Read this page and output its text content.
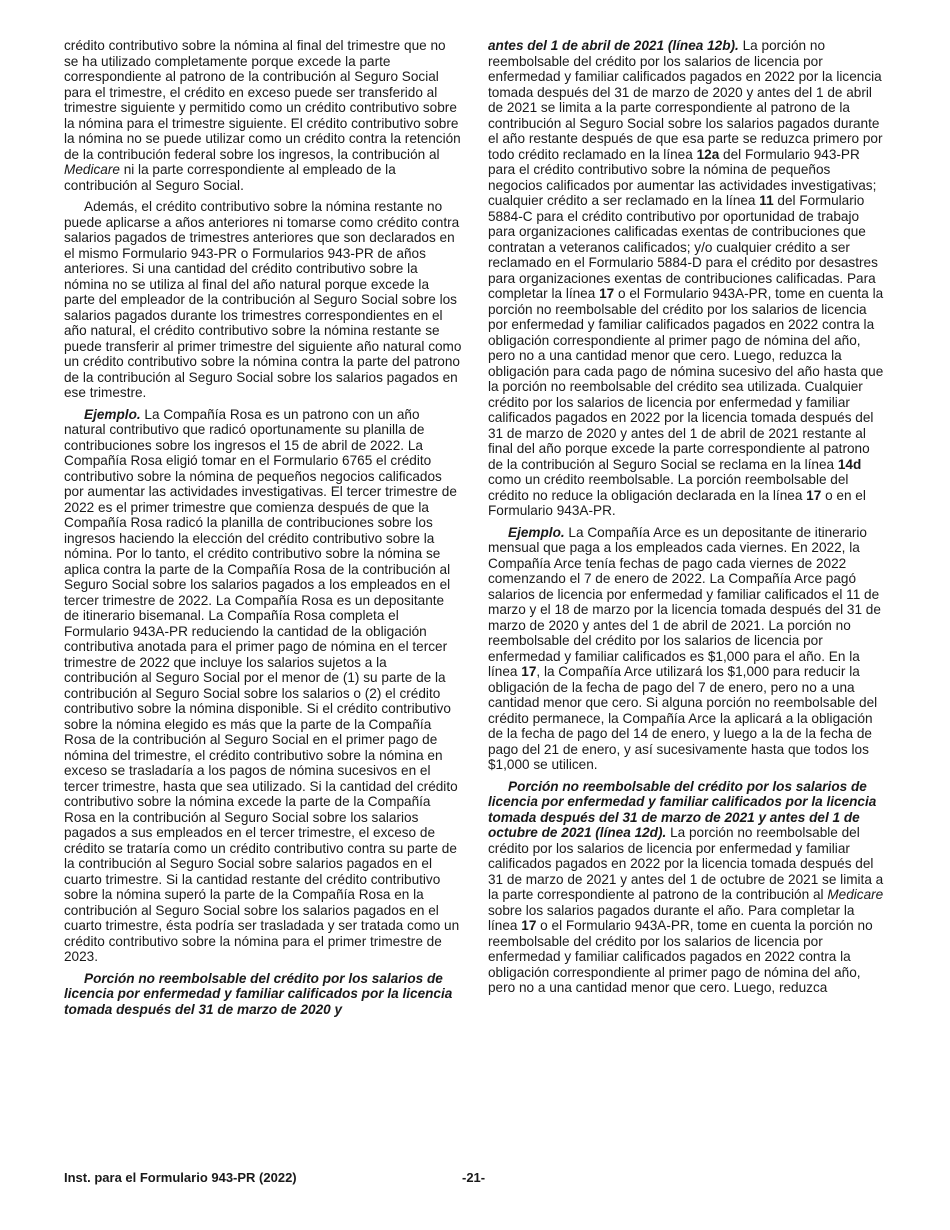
crédito contributivo sobre la nómina al final del trimestre que no se ha utilizado completamente porque excede la parte correspondiente al patrono de la contribución al Seguro Social para el trimestre, el crédito en exceso puede ser transferido al trimestre siguiente y permitido como un crédito contributivo sobre la nómina para el trimestre siguiente. El crédito contributivo sobre la nómina no se puede utilizar como un crédito contra la retención de la contribución federal sobre los ingresos, la contribución al Medicare ni la parte correspondiente al empleado de la contribución al Seguro Social.

Además, el crédito contributivo sobre la nómina restante no puede aplicarse a años anteriores ni tomarse como crédito contra salarios pagados de trimestres anteriores que son declarados en el mismo Formulario 943-PR o Formularios 943-PR de años anteriores. Si una cantidad del crédito contributivo sobre la nómina no se utiliza al final del año natural porque excede la parte del empleador de la contribución al Seguro Social sobre los salarios pagados durante los trimestres correspondientes en el año natural, el crédito contributivo sobre la nómina restante se puede transferir al primer trimestre del siguiente año natural como un crédito contributivo sobre la nómina contra la parte del patrono de la contribución al Seguro Social sobre los salarios pagados en ese trimestre.

Ejemplo. La Compañía Rosa es un patrono con un año natural contributivo que radicó oportunamente su planilla de contribuciones sobre los ingresos el 15 de abril de 2022. La Compañía Rosa eligió tomar en el Formulario 6765 el crédito contributivo sobre la nómina de pequeños negocios calificados por aumentar las actividades investigativas. El tercer trimestre de 2022 es el primer trimestre que comienza después de que la Compañía Rosa radicó la planilla de contribuciones sobre los ingresos haciendo la elección del crédito contributivo sobre la nómina. Por lo tanto, el crédito contributivo sobre la nómina se aplica contra la parte de la Compañía Rosa de la contribución al Seguro Social sobre los salarios pagados a los empleados en el tercer trimestre de 2022. La Compañía Rosa es un depositante de itinerario bisemanal. La Compañía Rosa completa el Formulario 943A-PR reduciendo la cantidad de la obligación contributiva anotada para el primer pago de nómina en el tercer trimestre de 2022 que incluye los salarios sujetos a la contribución al Seguro Social por el menor de (1) su parte de la contribución al Seguro Social sobre los salarios o (2) el crédito contributivo sobre la nómina disponible. Si el crédito contributivo sobre la nómina elegido es más que la parte de la Compañía Rosa de la contribución al Seguro Social en el primer pago de nómina del trimestre, el crédito contributivo sobre la nómina en exceso se trasladaría a los pagos de nómina sucesivos en el tercer trimestre, hasta que sea utilizado. Si la cantidad del crédito contributivo sobre la nómina excede la parte de la Compañía Rosa en la contribución al Seguro Social sobre los salarios pagados a sus empleados en el tercer trimestre, el exceso de crédito se trataría como un crédito contributivo contra su parte de la contribución al Seguro Social sobre salarios pagados en el cuarto trimestre. Si la cantidad restante del crédito contributivo sobre la nómina superó la parte de la Compañía Rosa en la contribución al Seguro Social sobre los salarios pagados en el cuarto trimestre, ésta podría ser trasladada y ser tratada como un crédito contributivo sobre la nómina para el primer trimestre de 2023.

Porción no reembolsable del crédito por los salarios de licencia por enfermedad y familiar calificados por la licencia tomada después del 31 de marzo de 2020 y

antes del 1 de abril de 2021 (línea 12b). La porción no reembolsable del crédito por los salarios de licencia por enfermedad y familiar calificados pagados en 2022 por la licencia tomada después del 31 de marzo de 2020 y antes del 1 de abril de 2021 se limita a la parte correspondiente al patrono de la contribución al Seguro Social sobre los salarios pagados durante el año restante después de que esa parte se reduzca primero por todo crédito reclamado en la línea 12a del Formulario 943-PR para el crédito contributivo sobre la nómina de pequeños negocios calificados por aumentar las actividades investigativas; cualquier crédito a ser reclamado en la línea 11 del Formulario 5884-C para el crédito contributivo por oportunidad de trabajo para organizaciones calificadas exentas de contribuciones que contratan a veteranos calificados; y/o cualquier crédito a ser reclamado en el Formulario 5884-D para el crédito por desastres para organizaciones exentas de contribuciones calificadas. Para completar la línea 17 o el Formulario 943A-PR, tome en cuenta la porción no reembolsable del crédito por los salarios de licencia por enfermedad y familiar calificados pagados en 2022 contra la obligación correspondiente al primer pago de nómina del año, pero no a una cantidad menor que cero. Luego, reduzca la obligación para cada pago de nómina sucesivo del año hasta que la porción no reembolsable del crédito sea utilizada. Cualquier crédito por los salarios de licencia por enfermedad y familiar calificados pagados en 2022 por la licencia tomada después del 31 de marzo de 2020 y antes del 1 de abril de 2021 restante al final del año porque excede la parte correspondiente al patrono de la contribución al Seguro Social se reclama en la línea 14d como un crédito reembolsable. La porción reembolsable del crédito no reduce la obligación declarada en la línea 17 o en el Formulario 943A-PR.

Ejemplo. La Compañía Arce es un depositante de itinerario mensual que paga a los empleados cada viernes. En 2022, la Compañía Arce tenía fechas de pago cada viernes de 2022 comenzando el 7 de enero de 2022. La Compañía Arce pagó salarios de licencia por enfermedad y familiar calificados el 11 de marzo y el 18 de marzo por la licencia tomada después del 31 de marzo de 2020 y antes del 1 de abril de 2021. La porción no reembolsable del crédito por los salarios de licencia por enfermedad y familiar calificados es $1,000 para el año. En la línea 17, la Compañía Arce utilizará los $1,000 para reducir la obligación de la fecha de pago del 7 de enero, pero no a una cantidad menor que cero. Si alguna porción no reembolsable del crédito permanece, la Compañía Arce la aplicará a la obligación de la fecha de pago del 14 de enero, y luego a la de la fecha de pago del 21 de enero, y así sucesivamente hasta que todos los $1,000 se utilicen.

Porción no reembolsable del crédito por los salarios de licencia por enfermedad y familiar calificados por la licencia tomada después del 31 de marzo de 2021 y antes del 1 de octubre de 2021 (línea 12d). La porción no reembolsable del crédito por los salarios de licencia por enfermedad y familiar calificados pagados en 2022 por la licencia tomada después del 31 de marzo de 2021 y antes del 1 de octubre de 2021 se limita a la parte correspondiente al patrono de la contribución al Medicare sobre los salarios pagados durante el año. Para completar la línea 17 o el Formulario 943A-PR, tome en cuenta la porción no reembolsable del crédito por los salarios de licencia por enfermedad y familiar calificados pagados en 2022 contra la obligación correspondiente al primer pago de nómina del año, pero no a una cantidad menor que cero. Luego, reduzca

Inst. para el Formulario 943-PR (2022)	-21-
